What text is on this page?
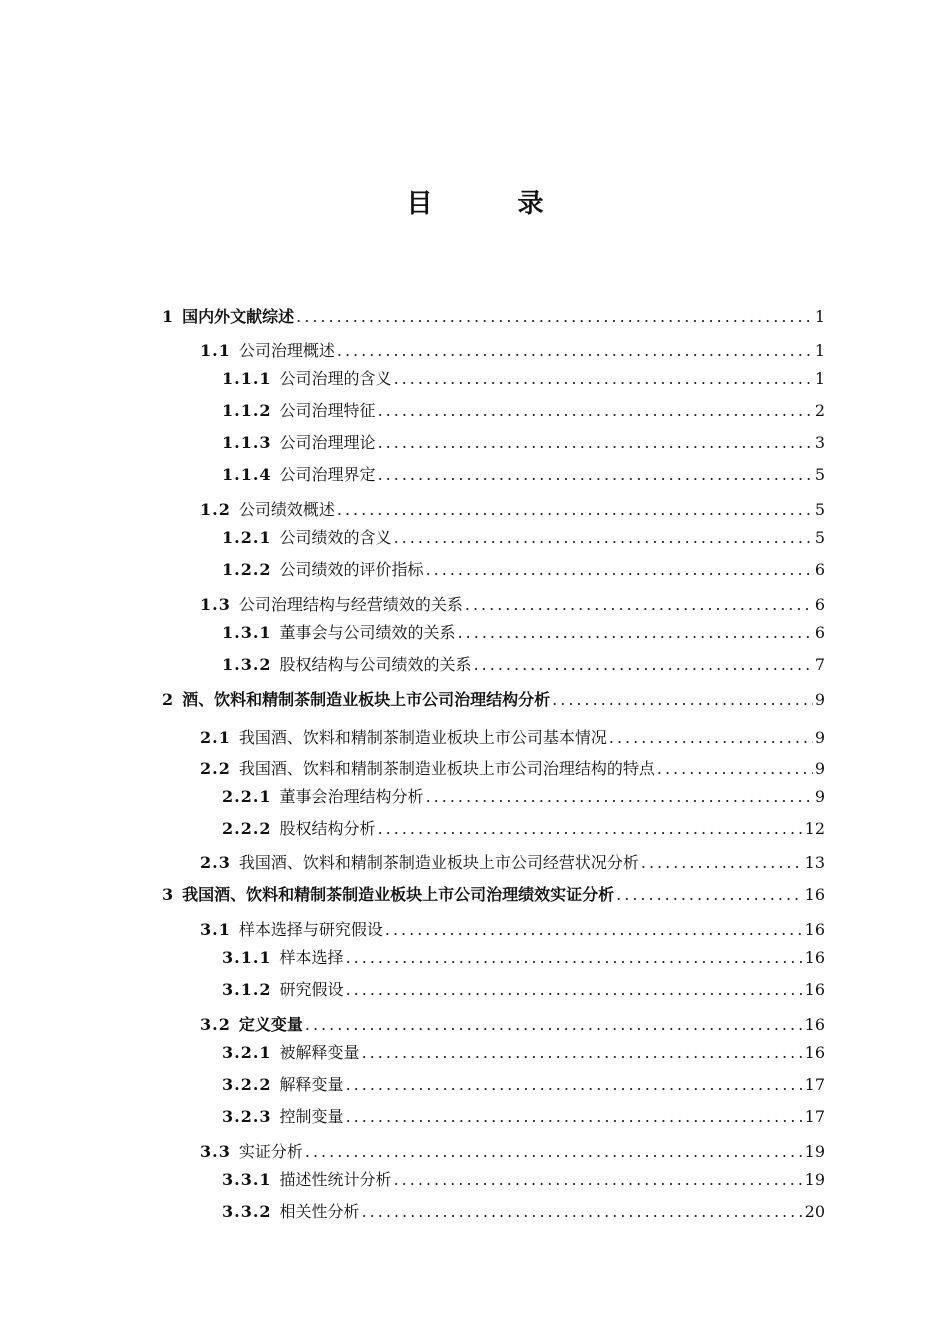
目 录
1 国内外文献综述 .....	1
1.1 公司治理概述 .....	1
1.1.1 公司治理的含义 .....	1
1.1.2 公司治理特征 .....	2
1.1.3 公司治理理论 .....	3
1.1.4 公司治理界定 .....	5
1.2 公司绩效概述 .....	5
1.2.1 公司绩效的含义 .....	5
1.2.2 公司绩效的评价指标 .....	6
1.3 公司治理结构与经营绩效的关系 .....	6
1.3.1 董事会与公司绩效的关系 .....	6
1.3.2 股权结构与公司绩效的关系 .....	7
2 酒、饮料和精制茶制造业板块上市公司治理结构分析 .....	9
2.1 我国酒、饮料和精制茶制造业板块上市公司基本情况 .....	9
2.2 我国酒、饮料和精制茶制造业板块上市公司治理结构的特点 .....	9
2.2.1 董事会治理结构分析 .....	9
2.2.2 股权结构分析 .....	12
2.3 我国酒、饮料和精制茶制造业板块上市公司经营状况分析 .....	13
3 我国酒、饮料和精制茶制造业板块上市公司治理绩效实证分析 .....	16
3.1 样本选择与研究假设 .....	16
3.1.1 样本选择 .....	16
3.1.2 研究假设 .....	16
3.2 定义变量 .....	16
3.2.1 被解释变量 .....	16
3.2.2 解释变量 .....	17
3.2.3 控制变量 .....	17
3.3 实证分析 .....	19
3.3.1 描述性统计分析 .....	19
3.3.2 相关性分析 .....	20
